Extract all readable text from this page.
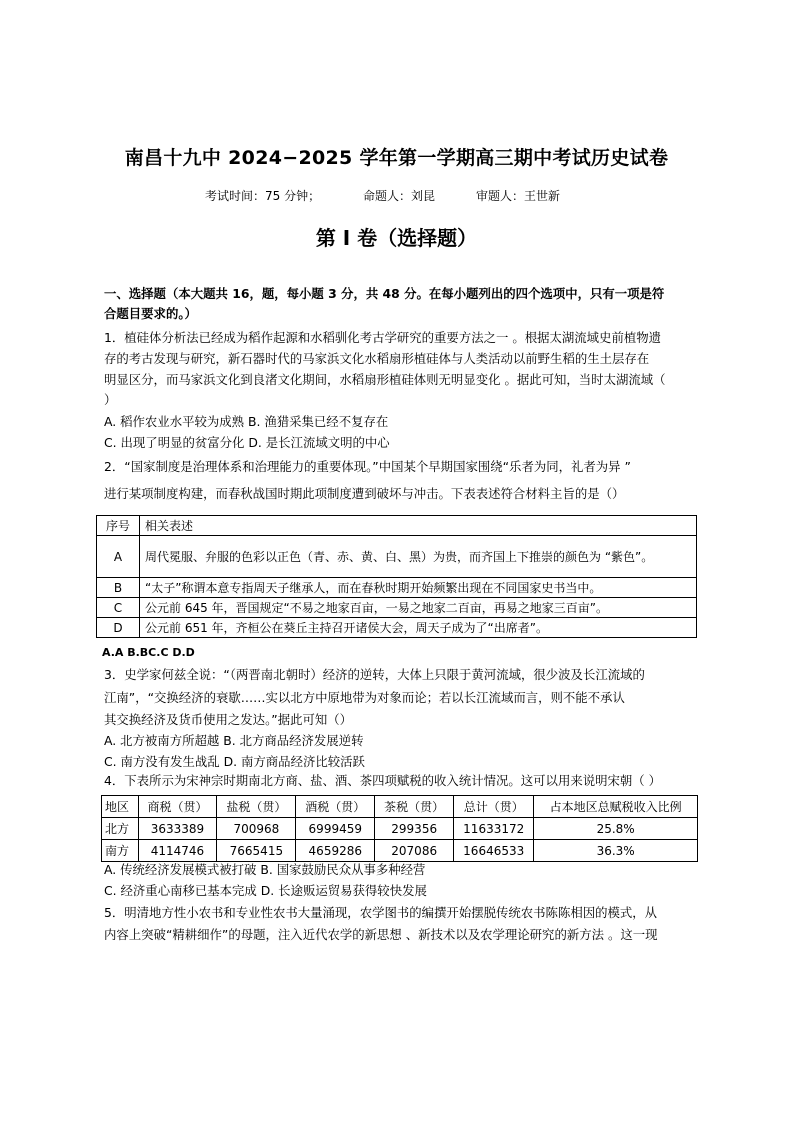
南昌十九中 2024−2025 学年第一学期高三期中考试历史试卷
考试时间：75 分钟；	命题人：刘昆	审题人：王世新
第 I 卷（选择题）
一、选择题（本大题共 16，题，每小题 3 分，共 48 分。在每小题列出的四个选项中，只有一项是符
合题目要求的。）
1．植硅体分析法已经成为稻作起源和水稻驯化考古学研究的重要方法之一 。根据太湖流域史前植物遗
存的考古发现与研究，新石器时代的马家浜文化水稻扇形植硅体与人类活动以前野生稻的生土层存在
明显区分，而马家浜文化到良渚文化期间，水稻扇形植硅体则无明显变化 。据此可知，当时太湖流域（
）
A. 稻作农业水平较为成熟 B. 渔猎采集已经不复存在
C. 出现了明显的贫富分化 D. 是长江流域文明的中心
2．“国家制度是治理体系和治理能力的重要体现。”中国某个早期国家围绕“乐者为同，礼者为异 ”
进行某项制度构建，而春秋战国时期此项制度遭到破坏与冲击。下表表述符合材料主旨的是（）
序号	相关表述
A	周代冕服、弁服的色彩以正色（青、赤、黄、白、黑）为贵，而齐国上下推崇的颜色为 “紫色”。
B	“太子”称谓本意专指周天子继承人，而在春秋时期开始频繁出现在不同国家史书当中。
C	公元前 645 年，晋国规定“不易之地家百亩，一易之地家二百亩，再易之地家三百亩”。
D	公元前 651 年，齐桓公在葵丘主持召开诸侯大会，周天子成为了“出席者”。
A.A B.BC.C D.D
3．史学家何兹全说：“（两晋南北朝时）经济的逆转，大体上只限于黄河流域，很少波及长江流域的
江南”，“交换经济的衰歇……实以北方中原地带为对象而论；若以长江流域而言，则不能不承认
其交换经济及货币使用之发达。”据此可知（）
A. 北方被南方所超越 B. 北方商品经济发展逆转
C. 南方没有发生战乱 D. 南方商品经济比较活跃
4．下表所示为宋神宗时期南北方商、盐、酒、茶四项赋税的收入统计情况。这可以用来说明宋朝（ ）
地区	商税（贯）	盐税（贯）	酒税（贯）	茶税（贯）	总计（贯）	占本地区总赋税收入比例
北方	3633389	700968	6999459	299356	11633172	25.8%
南方	4114746	7665415	4659286	207086	16646533	36.3%
A. 传统经济发展模式被打破 B. 国家鼓励民众从事多种经营
C. 经济重心南移已基本完成 D. 长途贩运贸易获得较快发展
5．明清地方性小农书和专业性农书大量涌现，农学图书的编撰开始摆脱传统农书陈陈相因的模式，从
内容上突破“精耕细作”的母题，注入近代农学的新思想 、新技术以及农学理论研究的新方法 。这一现
